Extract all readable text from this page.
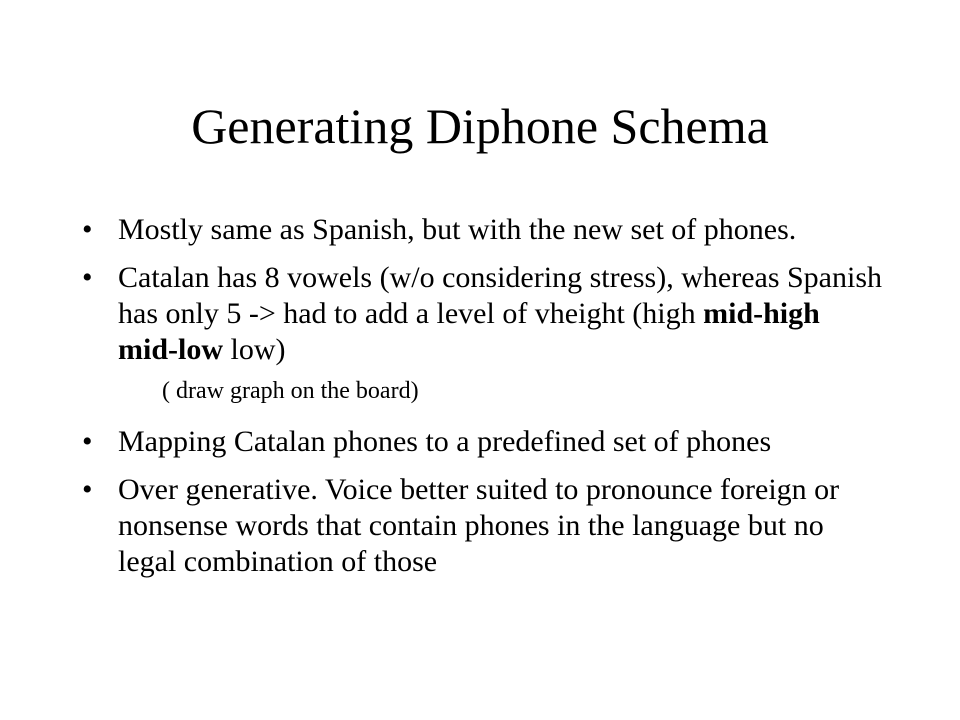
Generating Diphone Schema
• Mostly same as Spanish, but with the new set of phones.
• Catalan has 8 vowels (w/o considering stress), whereas Spanish has only 5 -> had to add a level of vheight (high mid-high mid-low low)
( draw graph on the board)
• Mapping Catalan phones to a predefined set of phones
• Over generative. Voice better suited to pronounce foreign or nonsense words that contain phones in the language but no legal combination of those
